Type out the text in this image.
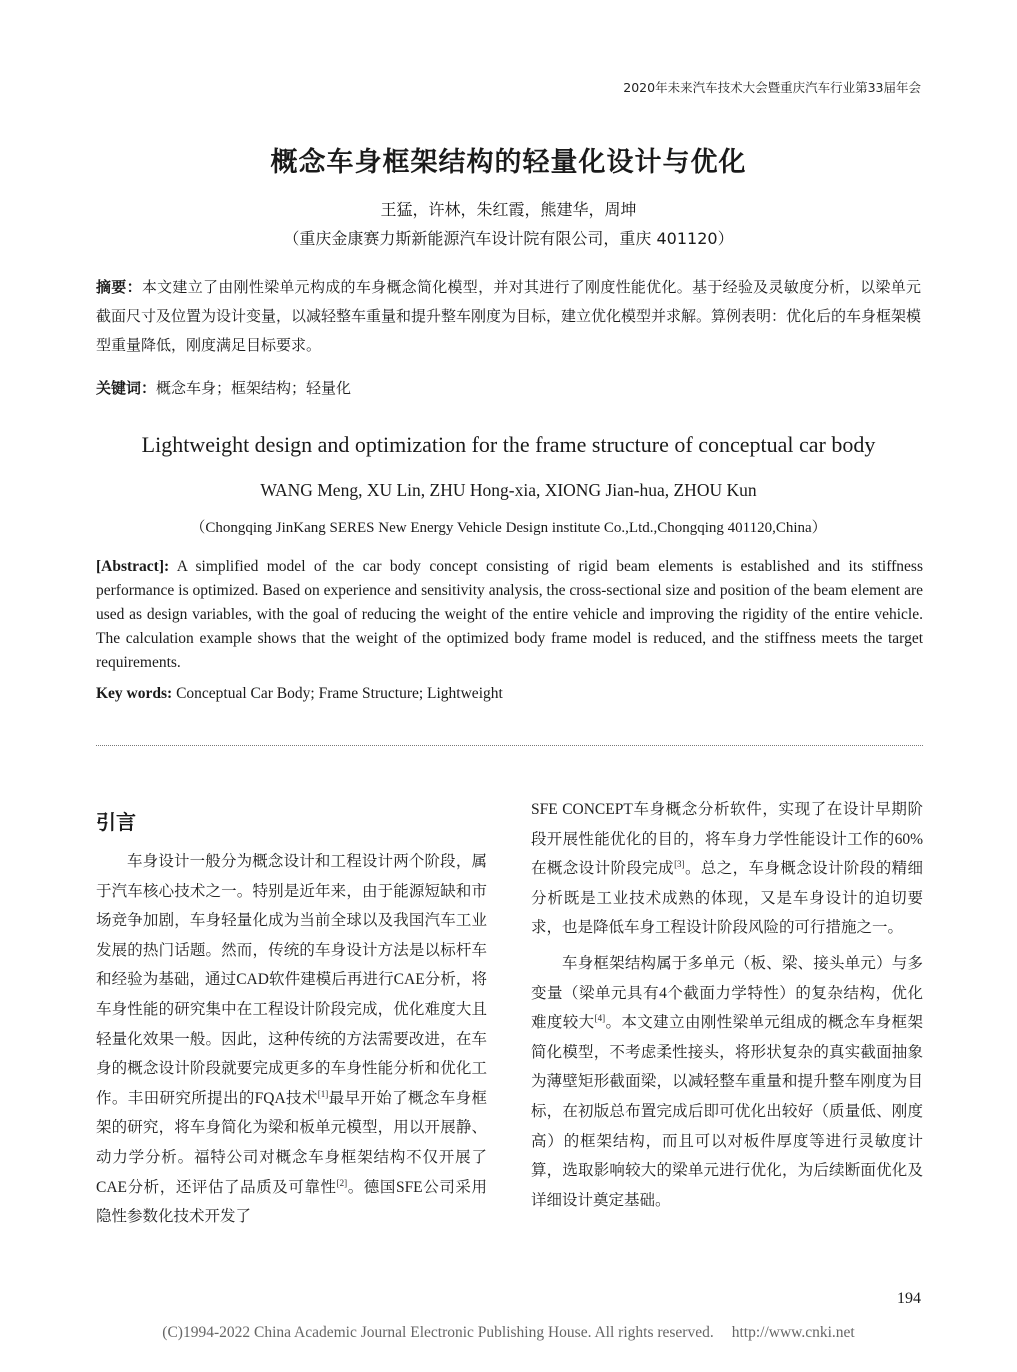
2020年未来汽车技术大会暨重庆汽车行业第33届年会
概念车身框架结构的轻量化设计与优化
王猛，许林，朱红霞，熊建华，周坤
（重庆金康赛力斯新能源汽车设计院有限公司，重庆 401120）
摘要：本文建立了由刚性梁单元构成的车身概念简化模型，并对其进行了刚度性能优化。基于经验及灵敏度分析，以梁单元截面尺寸及位置为设计变量，以减轻整车重量和提升整车刚度为目标，建立优化模型并求解。算例表明：优化后的车身框架模型重量降低，刚度满足目标要求。
关键词：概念车身；框架结构；轻量化
Lightweight design and optimization for the frame structure of conceptual car body
WANG Meng, XU Lin, ZHU Hong-xia, XIONG Jian-hua, ZHOU Kun
（Chongqing JinKang SERES New Energy Vehicle Design institute Co.,Ltd.,Chongqing 401120,China）
[Abstract]: A simplified model of the car body concept consisting of rigid beam elements is established and its stiffness performance is optimized. Based on experience and sensitivity analysis, the cross-sectional size and position of the beam element are used as design variables, with the goal of reducing the weight of the entire vehicle and improving the rigidity of the entire vehicle. The calculation example shows that the weight of the optimized body frame model is reduced, and the stiffness meets the target requirements.
Key words: Conceptual Car Body; Frame Structure; Lightweight
引言

车身设计一般分为概念设计和工程设计两个阶段，属于汽车核心技术之一。特别是近年来，由于能源短缺和市场竞争加剧，车身轻量化成为当前全球以及我国汽车工业发展的热门话题。然而，传统的车身设计方法是以标杆车和经验为基础，通过CAD软件建模后再进行CAE分析，将车身性能的研究集中在工程设计阶段完成，优化难度大且轻量化效果一般。因此，这种传统的方法需要改进，在车身的概念设计阶段就要完成更多的车身性能分析和优化工作。丰田研究所提出的FQA技术[1]最早开始了概念车身框架的研究，将车身简化为梁和板单元模型，用以开展静、动力学分析。福特公司对概念车身框架结构不仅开展了CAE分析，还评估了品质及可靠性[2]。德国SFE公司采用隐性参数化技术开发了

SFE CONCEPT车身概念分析软件，实现了在设计早期阶段开展性能优化的目的，将车身力学性能设计工作的60%在概念设计阶段完成[3]。总之，车身概念设计阶段的精细分析既是工业技术成熟的体现，又是车身设计的迫切要求，也是降低车身工程设计阶段风险的可行措施之一。

车身框架结构属于多单元（板、梁、接头单元）与多变量（梁单元具有4个截面力学特性）的复杂结构，优化难度较大[4]。本文建立由刚性梁单元组成的概念车身框架简化模型，不考虑柔性接头，将形状复杂的真实截面抽象为薄壁矩形截面梁，以减轻整车重量和提升整车刚度为目标，在初版总布置完成后即可优化出较好（质量低、刚度高）的框架结构，而且可以对板件厚度等进行灵敏度计算，选取影响较大的梁单元进行优化，为后续断面优化及详细设计奠定基础。

194
(C)1994-2022 China Academic Journal Electronic Publishing House. All rights reserved. http://www.cnki.net
